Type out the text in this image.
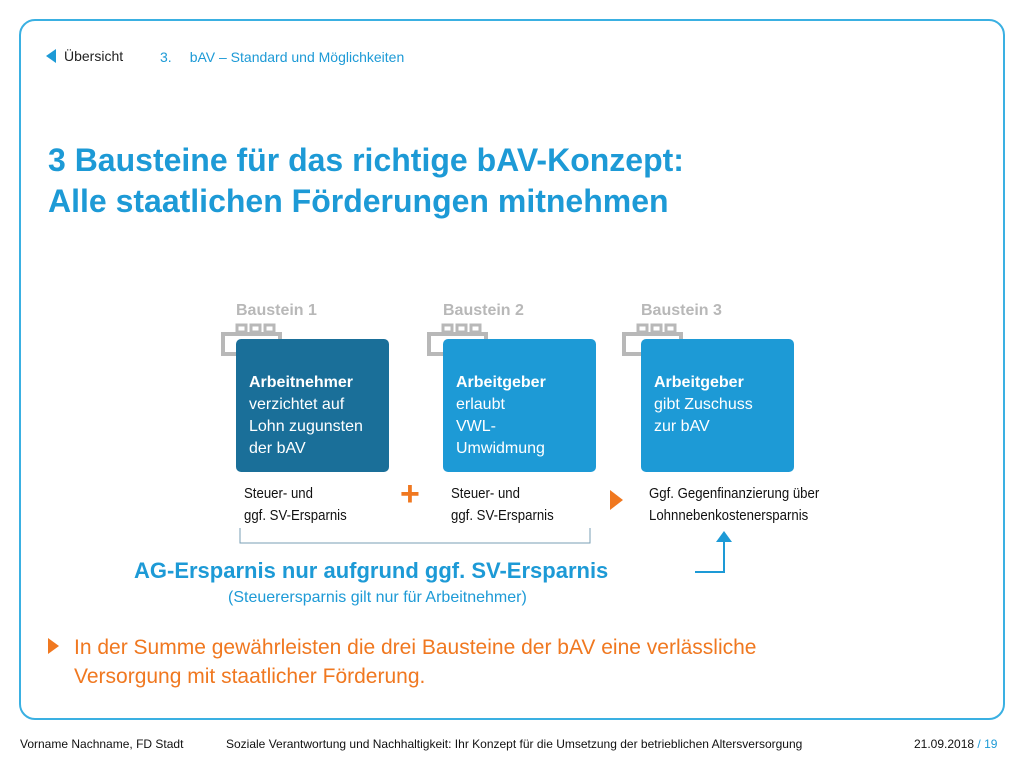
Übersicht	3. bAV – Standard und Möglichkeiten
3 Bausteine für das richtige bAV-Konzept:
Alle staatlichen Förderungen mitnehmen
Baustein 1
Arbeitnehmer
verzichtet auf
Lohn zugunsten
der bAV
Steuer- und
ggf. SV-Ersparnis
+
Baustein 2
Arbeitgeber
erlaubt
VWL-
Umwidmung
Steuer- und
ggf. SV-Ersparnis
Baustein 3
Arbeitgeber
gibt Zuschuss
zur bAV
Ggf. Gegenfinanzierung über
Lohnnebenkostenersparnis
AG-Ersparnis nur aufgrund ggf. SV-Ersparnis
(Steuerersparnis gilt nur für Arbeitnehmer)
In der Summe gewährleisten die drei Bausteine der bAV eine verlässliche
Versorgung mit staatlicher Förderung.
Vorname Nachname, FD Stadt	Soziale Verantwortung und Nachhaltigkeit: Ihr Konzept für die Umsetzung der betrieblichen Altersversorgung	21.09.2018 / 19
